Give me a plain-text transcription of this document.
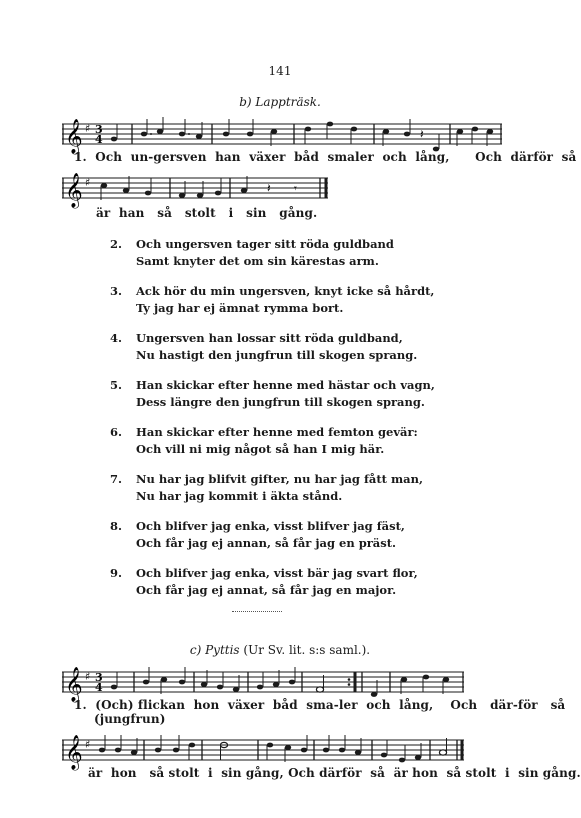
141
b) Lappträsk.
𝄞 ♯ 3
4	𝄽
1. Och un-gersven han växer båd smaler och lång, Och därför så
𝄞 ♯	𝄽 𝄾
är han så stolt i sin gång.
2. Och ungersven tager sitt röda guldband
Samt knyter det om sin kärestas arm.
3. Ack hör du min ungersven, knyt icke så hårdt,
Ty jag har ej ämnat rymma bort.
4. Ungersven han lossar sitt röda guldband,
Nu hastigt den jungfrun till skogen sprang.
5. Han skickar efter henne med hästar och vagn,
Dess längre den jungfrun till skogen sprang.
6. Han skickar efter henne med femton gevär:
Och vill ni mig något så han I mig här.
7. Nu har jag blifvit gifter, nu har jag fått man,
Nu har jag kommit i äkta stånd.
8. Och blifver jag enka, visst blifver jag fäst,
Och får jag ej annan, så får jag en präst.
9. Och blifver jag enka, visst bär jag svart flor,
Och får jag ej annat, så får jag en major.
c) Pyttis (Ur Sv. lit. s:s saml.).
𝄞 ♯ 3
4
1. (Och) flickan hon växer båd sma-ler och lång, Och där-för så
(jungfrun)
𝄞 ♯
är hon så stolt i sin gång, Och därför så är hon så stolt i sin gång.
